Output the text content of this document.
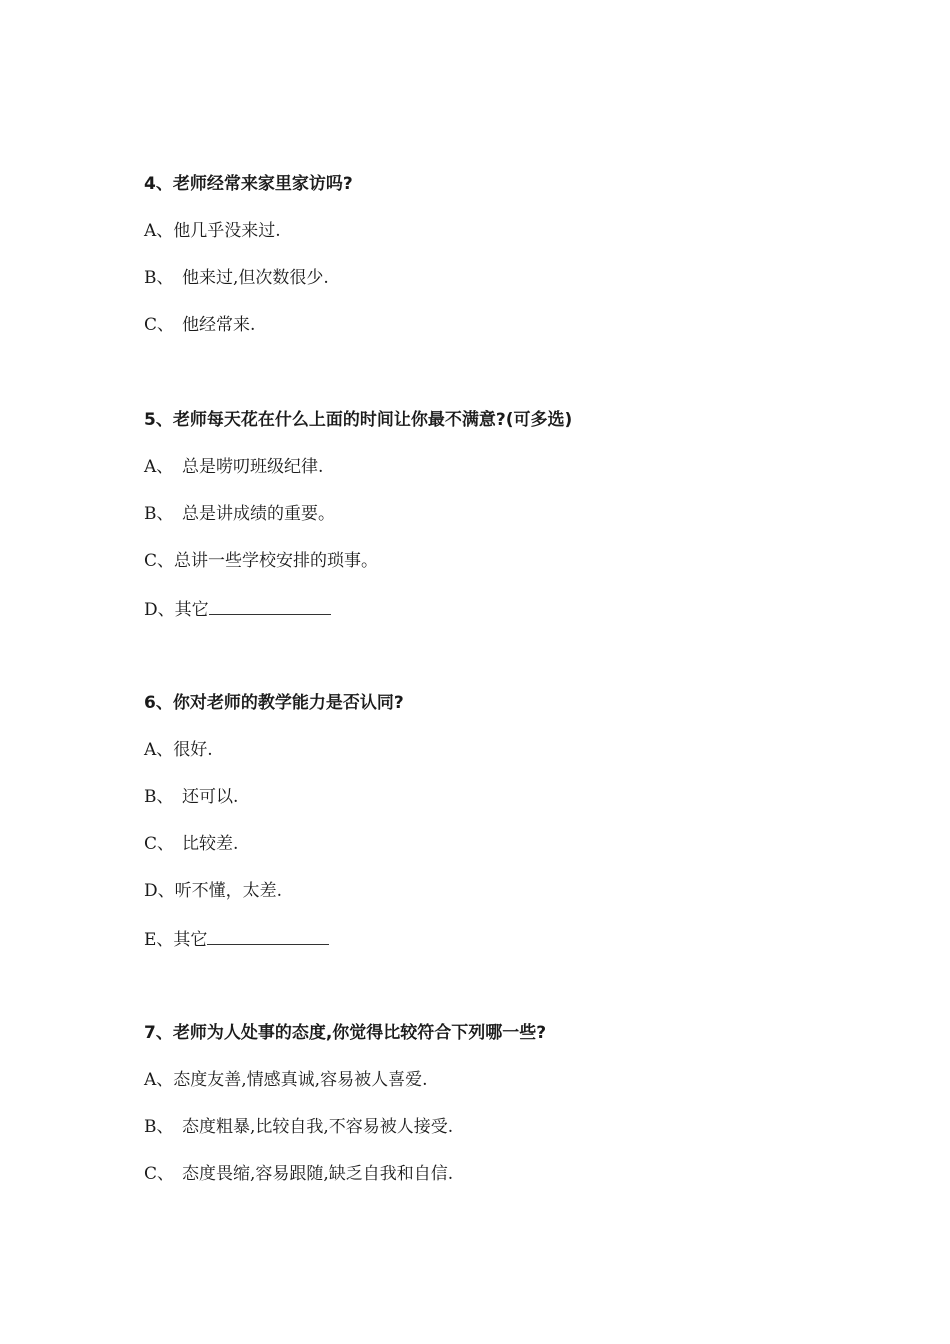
4、老师经常来家里家访吗?
A、他几乎没来过.
B、 他来过,但次数很少.
C、 他经常来.
5、老师每天花在什么上面的时间让你最不满意?(可多选)
A、 总是唠叨班级纪律.
B、 总是讲成绩的重要。
C、总讲一些学校安排的琐事。
D、其它
6、你对老师的教学能力是否认同?
A、很好.
B、 还可以.
C、 比较差.
D、听不懂，太差.
E、其它
7、老师为人处事的态度,你觉得比较符合下列哪一些?
A、态度友善,情感真诚,容易被人喜爱.
B、 态度粗暴,比较自我,不容易被人接受.
C、 态度畏缩,容易跟随,缺乏自我和自信.
